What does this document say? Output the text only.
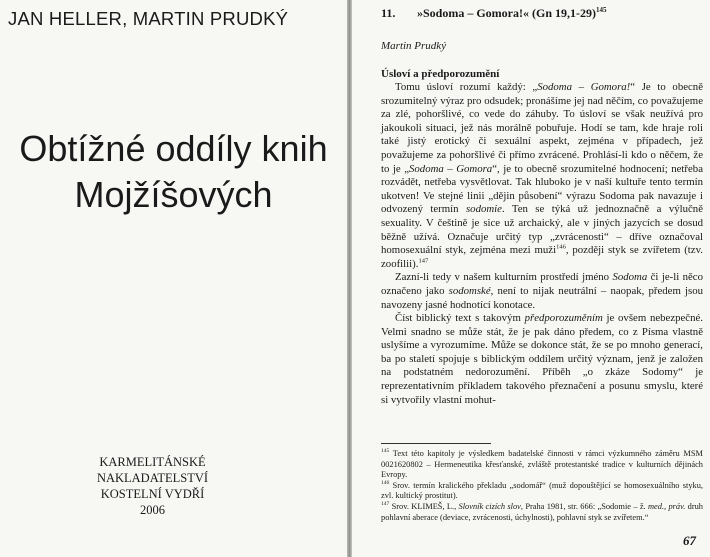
JAN HELLER, MARTIN PRUDKÝ
Obtížné oddíly knih
Mojžíšových
KARMELITÁNSKÉ
NAKLADATELSTVÍ
KOSTELNÍ VYDŘÍ
2006
11. »Sodoma – Gomora!« (Gn 19,1-29)$^{145}$
Martin Prudký
Úsloví a předporozumění

Tomu úsloví rozumí každý: „Sodoma – Gomora!“ Je to obecně srozumitelný výraz pro odsudek; pronášíme jej nad něčím, co považujeme za zlé, pohoršlivé, co vede do záhuby. To úsloví se však neužívá pro jakoukoli situaci, jež nás morálně pobuřuje. Hodí se tam, kde hraje roli také jistý erotický či sexuální aspekt, zejména v případech, jež považujeme za pohoršlivé či přímo zvrácené. Prohlásí-li kdo o něčem, že to je „Sodoma – Gomora“, je to obecně srozumitelné hodnocení; netřeba rozvádět, netřeba vysvětlovat. Tak hluboko je v naší kultuře tento termín ukotven! Ve stejné linii „dějin působení“ výrazu Sodoma pak navazuje i odvozený termín sodomie. Ten se týká už jednoznačně a výlučně sexuality. V češtině je sice už archaický, ale v jiných jazycích se dosud běžně užívá. Označuje určitý typ „zvrácenosti“ – dříve označoval homosexuální styk, zejména mezi muži$^{146}$, později styk se zvířetem (tzv. zoofilii).$^{147}$

Zazní-li tedy v našem kulturním prostředí jméno Sodoma či je-li něco označeno jako sodomské, není to nijak neutrální – naopak, předem jsou navozeny jasné hodnotící konotace.

Číst biblický text s takovým předporozuměním je ovšem nebezpečné. Velmi snadno se může stát, že je pak dáno předem, co z Písma vlastně uslyšíme a vyrozumíme. Může se dokonce stát, že se po mnoho generací, ba po staletí spojuje s biblickým oddílem určitý význam, jenž je založen na podstatném nedorozumění. Příběh „o zkáze Sodomy“ je reprezentativním příkladem takového přeznačení a posunu smyslu, které si vytvořily vlastní mohut-

$^{145}$ Text této kapitoly je výsledkem badatelské činnosti v rámci výzkumného záměru MSM 0021620802 – Hermeneutika křesťanské, zvláště protestantské tradice v kulturních dějinách Evropy.

$^{146}$ Srov. termín kralického překladu „sodomář“ (muž dopouštějící se homosexuálního styku, zvl. kultický prostitut).

$^{147}$ Srov. KLIMEŠ, L., Slovník cizích slov, Praha 1981, str. 666: „Sodomie – ž. med., práv. druh pohlavní aberace (deviace, zvrácenosti, úchylnosti), pohlavní styk se zvířetem.“

67
